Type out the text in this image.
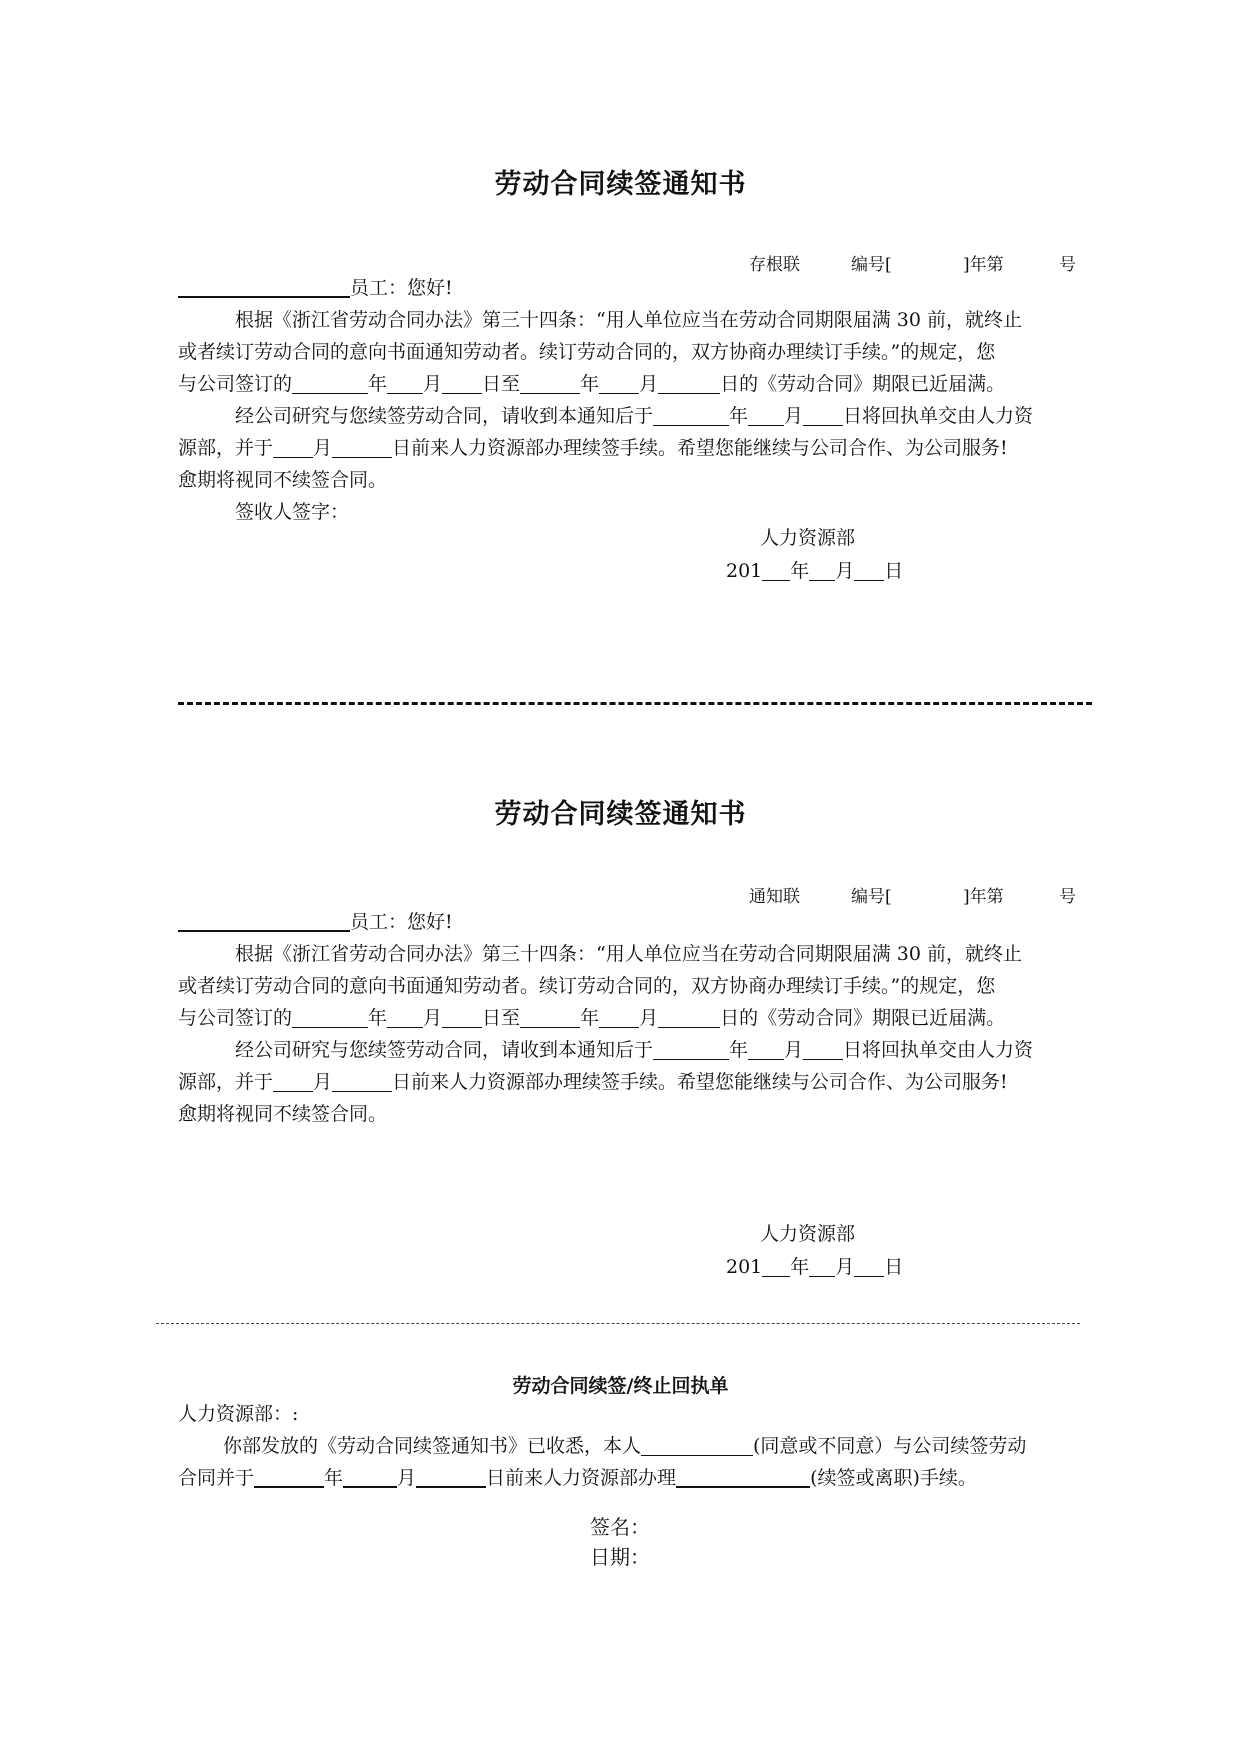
劳动合同续签通知书
存根联	编号[	]年第	号
员工：您好!
根据《浙江省劳动合同办法》第三十四条：“用人单位应当在劳动合同期限届满 30 前，就终止
或者续订劳动合同的意向书面通知劳动者。续订劳动合同的，双方协商办理续订手续。”的规定，您
与公司签订的	年 月 日至	年 月	日的《劳动合同》期限已近届满。
经公司研究与您续签劳动合同，请收到本通知后于	年 月 日将回执单交由人力资
源部，并于 月	日前来人力资源部办理续签手续。希望您能继续与公司合作、为公司服务!
愈期将视同不续签合同。
签收人签字：
人力资源部
201 年 月 日
劳动合同续签通知书
通知联	编号[	]年第	号
员工：您好!
根据《浙江省劳动合同办法》第三十四条：“用人单位应当在劳动合同期限届满 30 前，就终止
或者续订劳动合同的意向书面通知劳动者。续订劳动合同的，双方协商办理续订手续。”的规定，您
与公司签订的	年 月 日至	年 月	日的《劳动合同》期限已近届满。
经公司研究与您续签劳动合同，请收到本通知后于	年 月 日将回执单交由人力资
源部，并于 月	日前来人力资源部办理续签手续。希望您能继续与公司合作、为公司服务!
愈期将视同不续签合同。
人力资源部
201 年 月 日
劳动合同续签/终止回执单
人力资源部：:
你部发放的《劳动合同续签通知书》已收悉，本人	(同意或不同意）与公司续签劳动
合同并于	年	月	日前来人力资源部办理	(续签或离职)手续。
签名：
日期：
